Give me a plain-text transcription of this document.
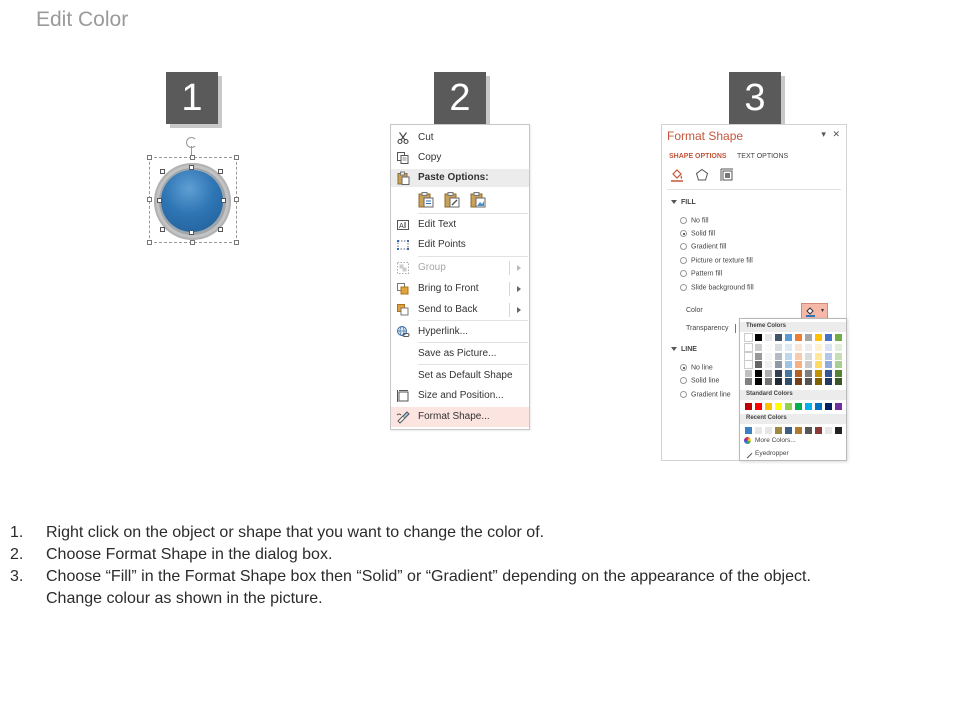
Edit Color
1	2	3
Cut
Copy
Paste Options:
A Edit Text
Edit Points
Group
Bring to Front
Send to Back
Hyperlink...
Save as Picture...
Set as Default Shape
Size and Position...
Format Shape...
Format Shape	▾ ✕
SHAPE OPTIONS TEXT OPTIONS
FILL
No fill
Solid fill
Gradient fill
Picture or texture fill
Pattern fill
Slide background fill
Color	▾
Transparency
LINE
No line
Solid line
Gradient line
Theme Colors
Standard Colors
Recent Colors
More Colors...
Eyedropper
1. Right click on the object or shape that you want to change the color of.
2. Choose Format Shape in the dialog box.
3. Choose “Fill” in the Format Shape box then “Solid” or “Gradient” depending on the appearance of the object.
Change colour as shown in the picture.
